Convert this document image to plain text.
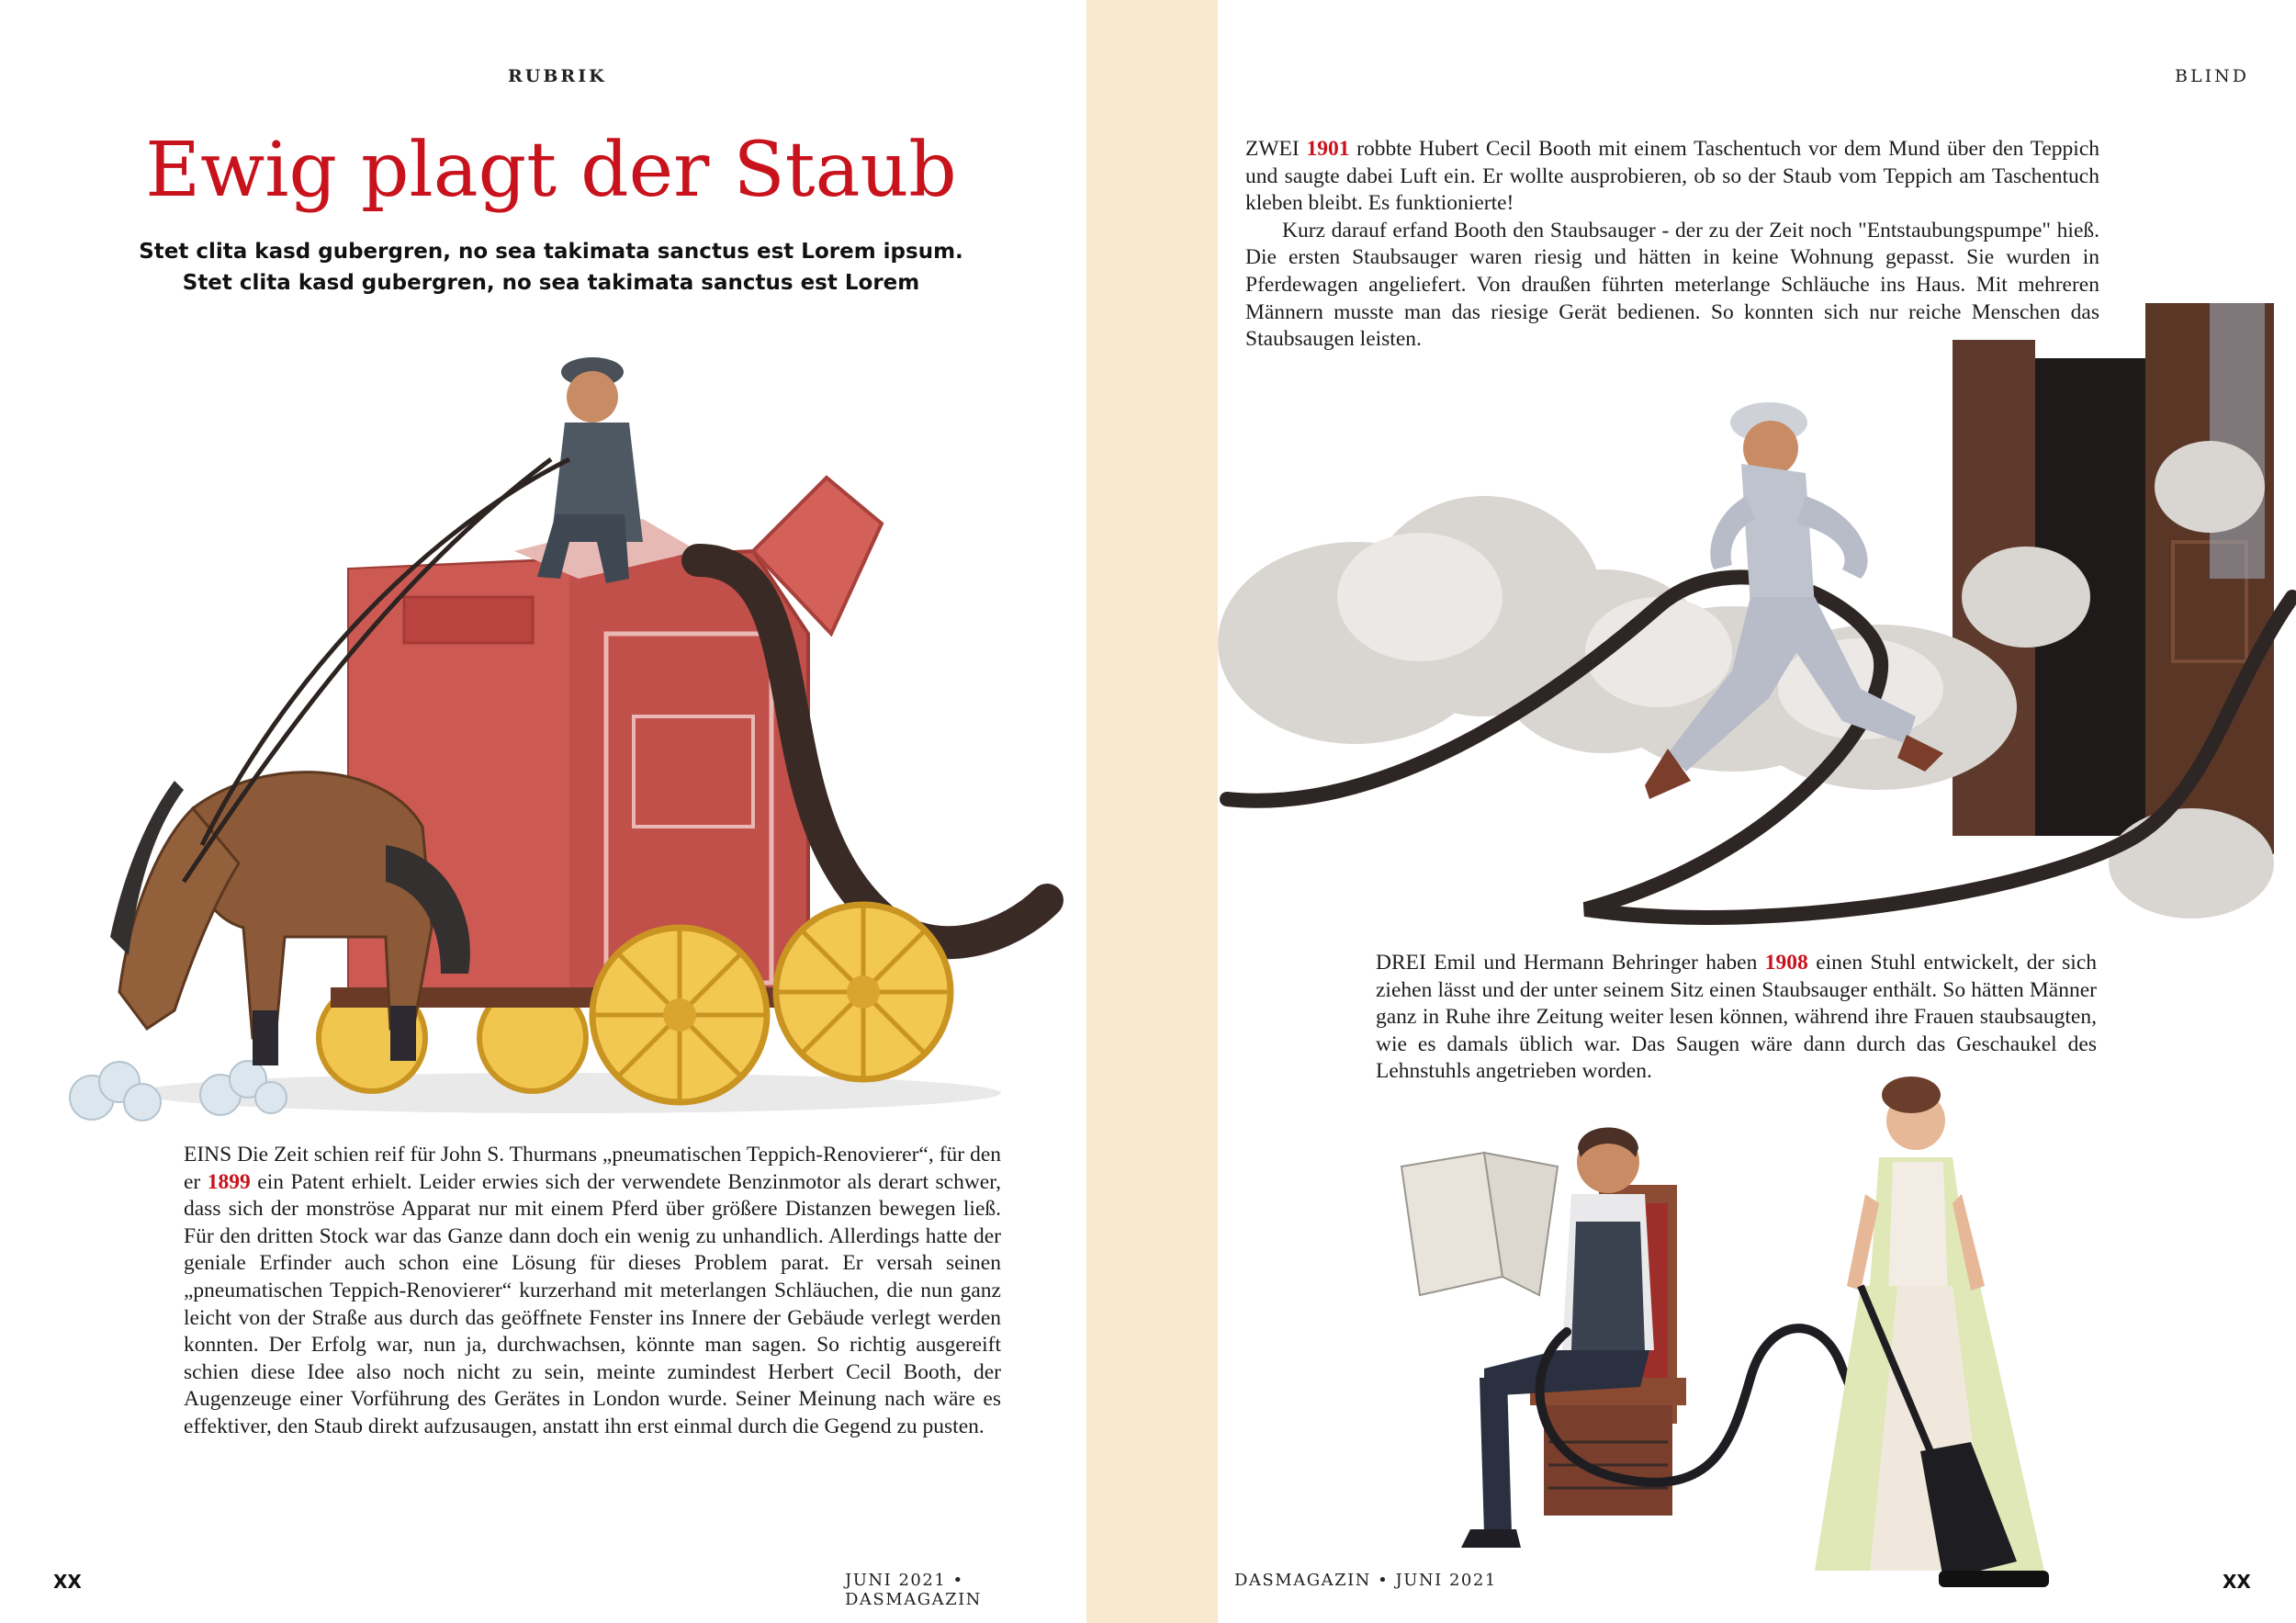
RUBRIK
Ewig plagt der Staub
Stet clita kasd gubergren, no sea takimata sanctus est Lorem ipsum.
Stet clita kasd gubergren, no sea takimata sanctus est Lorem

EINS Die Zeit schien reif für John S. Thurmans „pneumatischen Teppich-Renovierer“, für den er 1899 ein Patent erhielt. Leider erwies sich der verwendete Benzinmotor als derart schwer, dass sich der monströse Apparat nur mit einem Pferd über größere Distanzen bewegen ließ. Für den dritten Stock war das Ganze dann doch ein wenig zu unhandlich. Allerdings hatte der geniale Erfinder auch schon eine Lösung für dieses Problem parat. Er versah seinen „pneumatischen Teppich-Renovierer“ kurzerhand mit meterlangen Schläuchen, die nun ganz leicht von der Straße aus durch das geöffnete Fenster ins Innere der Gebäude verlegt werden konnten. Der Erfolg war, nun ja, durchwachsen, könnte man sagen. So richtig ausgereift schien diese Idee also noch nicht zu sein, meinte zumindest Herbert Cecil Booth, der Augenzeuge einer Vorführung des Gerätes in London wurde. Seiner Meinung nach wäre es effektiver, den Staub direkt aufzusaugen, anstatt ihn erst einmal durch die Gegend zu pusten.

XX	JUNI 2021 • DASMAGAZIN
BLIND

ZWEI 1901 robbte Hubert Cecil Booth mit einem Taschentuch vor dem Mund über den Teppich und saugte dabei Luft ein. Er wollte ausprobieren, ob so der Staub vom Teppich am Taschentuch kleben bleibt. Es funktionierte!

Kurz darauf erfand Booth den Staubsauger - der zu der Zeit noch "Entstaubungspumpe" hieß. Die ersten Staubsauger waren riesig und hätten in keine Wohnung gepasst. Sie wurden in Pferdewagen angeliefert. Von draußen führten meterlange Schläuche ins Haus. Mit mehreren Männern musste man das riesige Gerät bedienen. So konnten sich nur reiche Menschen das Staubsaugen leisten.

DREI Emil und Hermann Behringer haben 1908 einen Stuhl entwickelt, der sich ziehen lässt und der unter seinem Sitz einen Staubsauger enthält. So hätten Männer ganz in Ruhe ihre Zeitung weiter lesen können, während ihre Frauen staubsaugten, wie es damals üblich war. Das Saugen wäre dann durch das Geschaukel des Lehnstuhls angetrieben worden.

DASMAGAZIN • JUNI 2021	XX
